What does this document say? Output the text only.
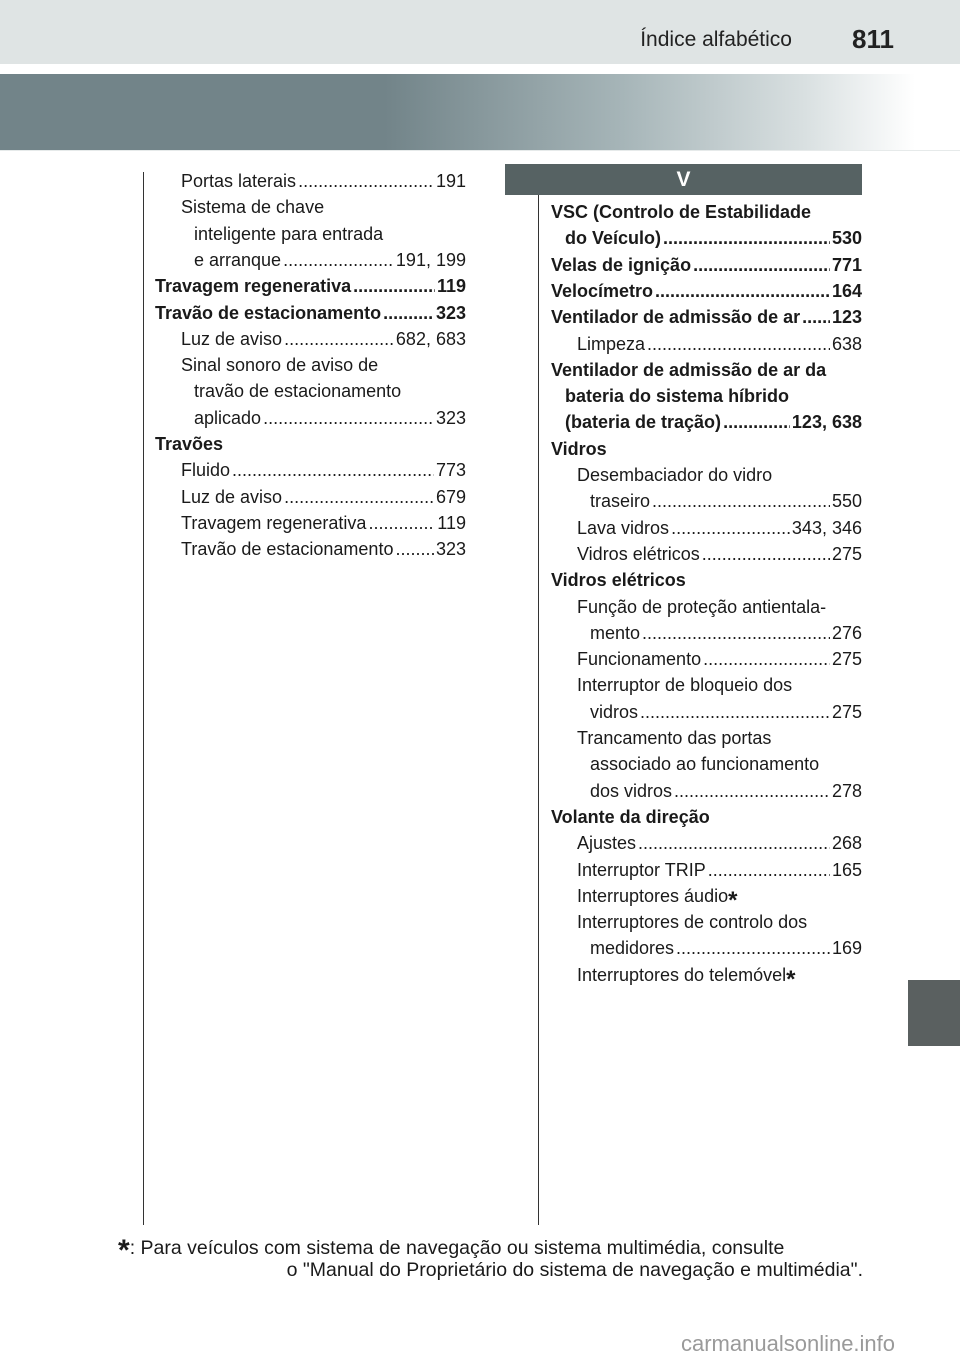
Índice alfabético 811
V
Portas laterais .....	191
Sistema de chave
inteligente para entrada
e arranque .....	191, 199
Travagem regenerativa .....	119
Travão de estacionamento .....	323
Luz de aviso .....	682, 683
Sinal sonoro de aviso de
travão de estacionamento
aplicado .....	323
Travões
Fluido .....	773
Luz de aviso .....	679
Travagem regenerativa .....	119
Travão de estacionamento ..... 323
VSC (Controlo de Estabilidade
do Veículo) .....	530
Velas de ignição .....	771
Velocímetro .....	164
Ventilador de admissão de ar ..... 123
Limpeza .....	638
Ventilador de admissão de ar da
bateria do sistema híbrido
(bateria de tração) .....	123, 638
Vidros
Desembaciador do vidro
traseiro .....	550
Lava vidros .....	343, 346
Vidros elétricos .....	275
Vidros elétricos
Função de proteção antientala-
mento .....	276
Funcionamento .....	275
Interruptor de bloqueio dos
vidros .....	275
Trancamento das portas
associado ao funcionamento
dos vidros .....	278
Volante da direção
Ajustes .....	268
Interruptor TRIP .....	165
Interruptores áudio*
Interruptores de controlo dos
medidores .....	169
Interruptores do telemóvel*
*: Para veículos com sistema de navegação ou sistema multimédia, consulte
o "Manual do Proprietário do sistema de navegação e multimédia".
carmanualsonline.info
